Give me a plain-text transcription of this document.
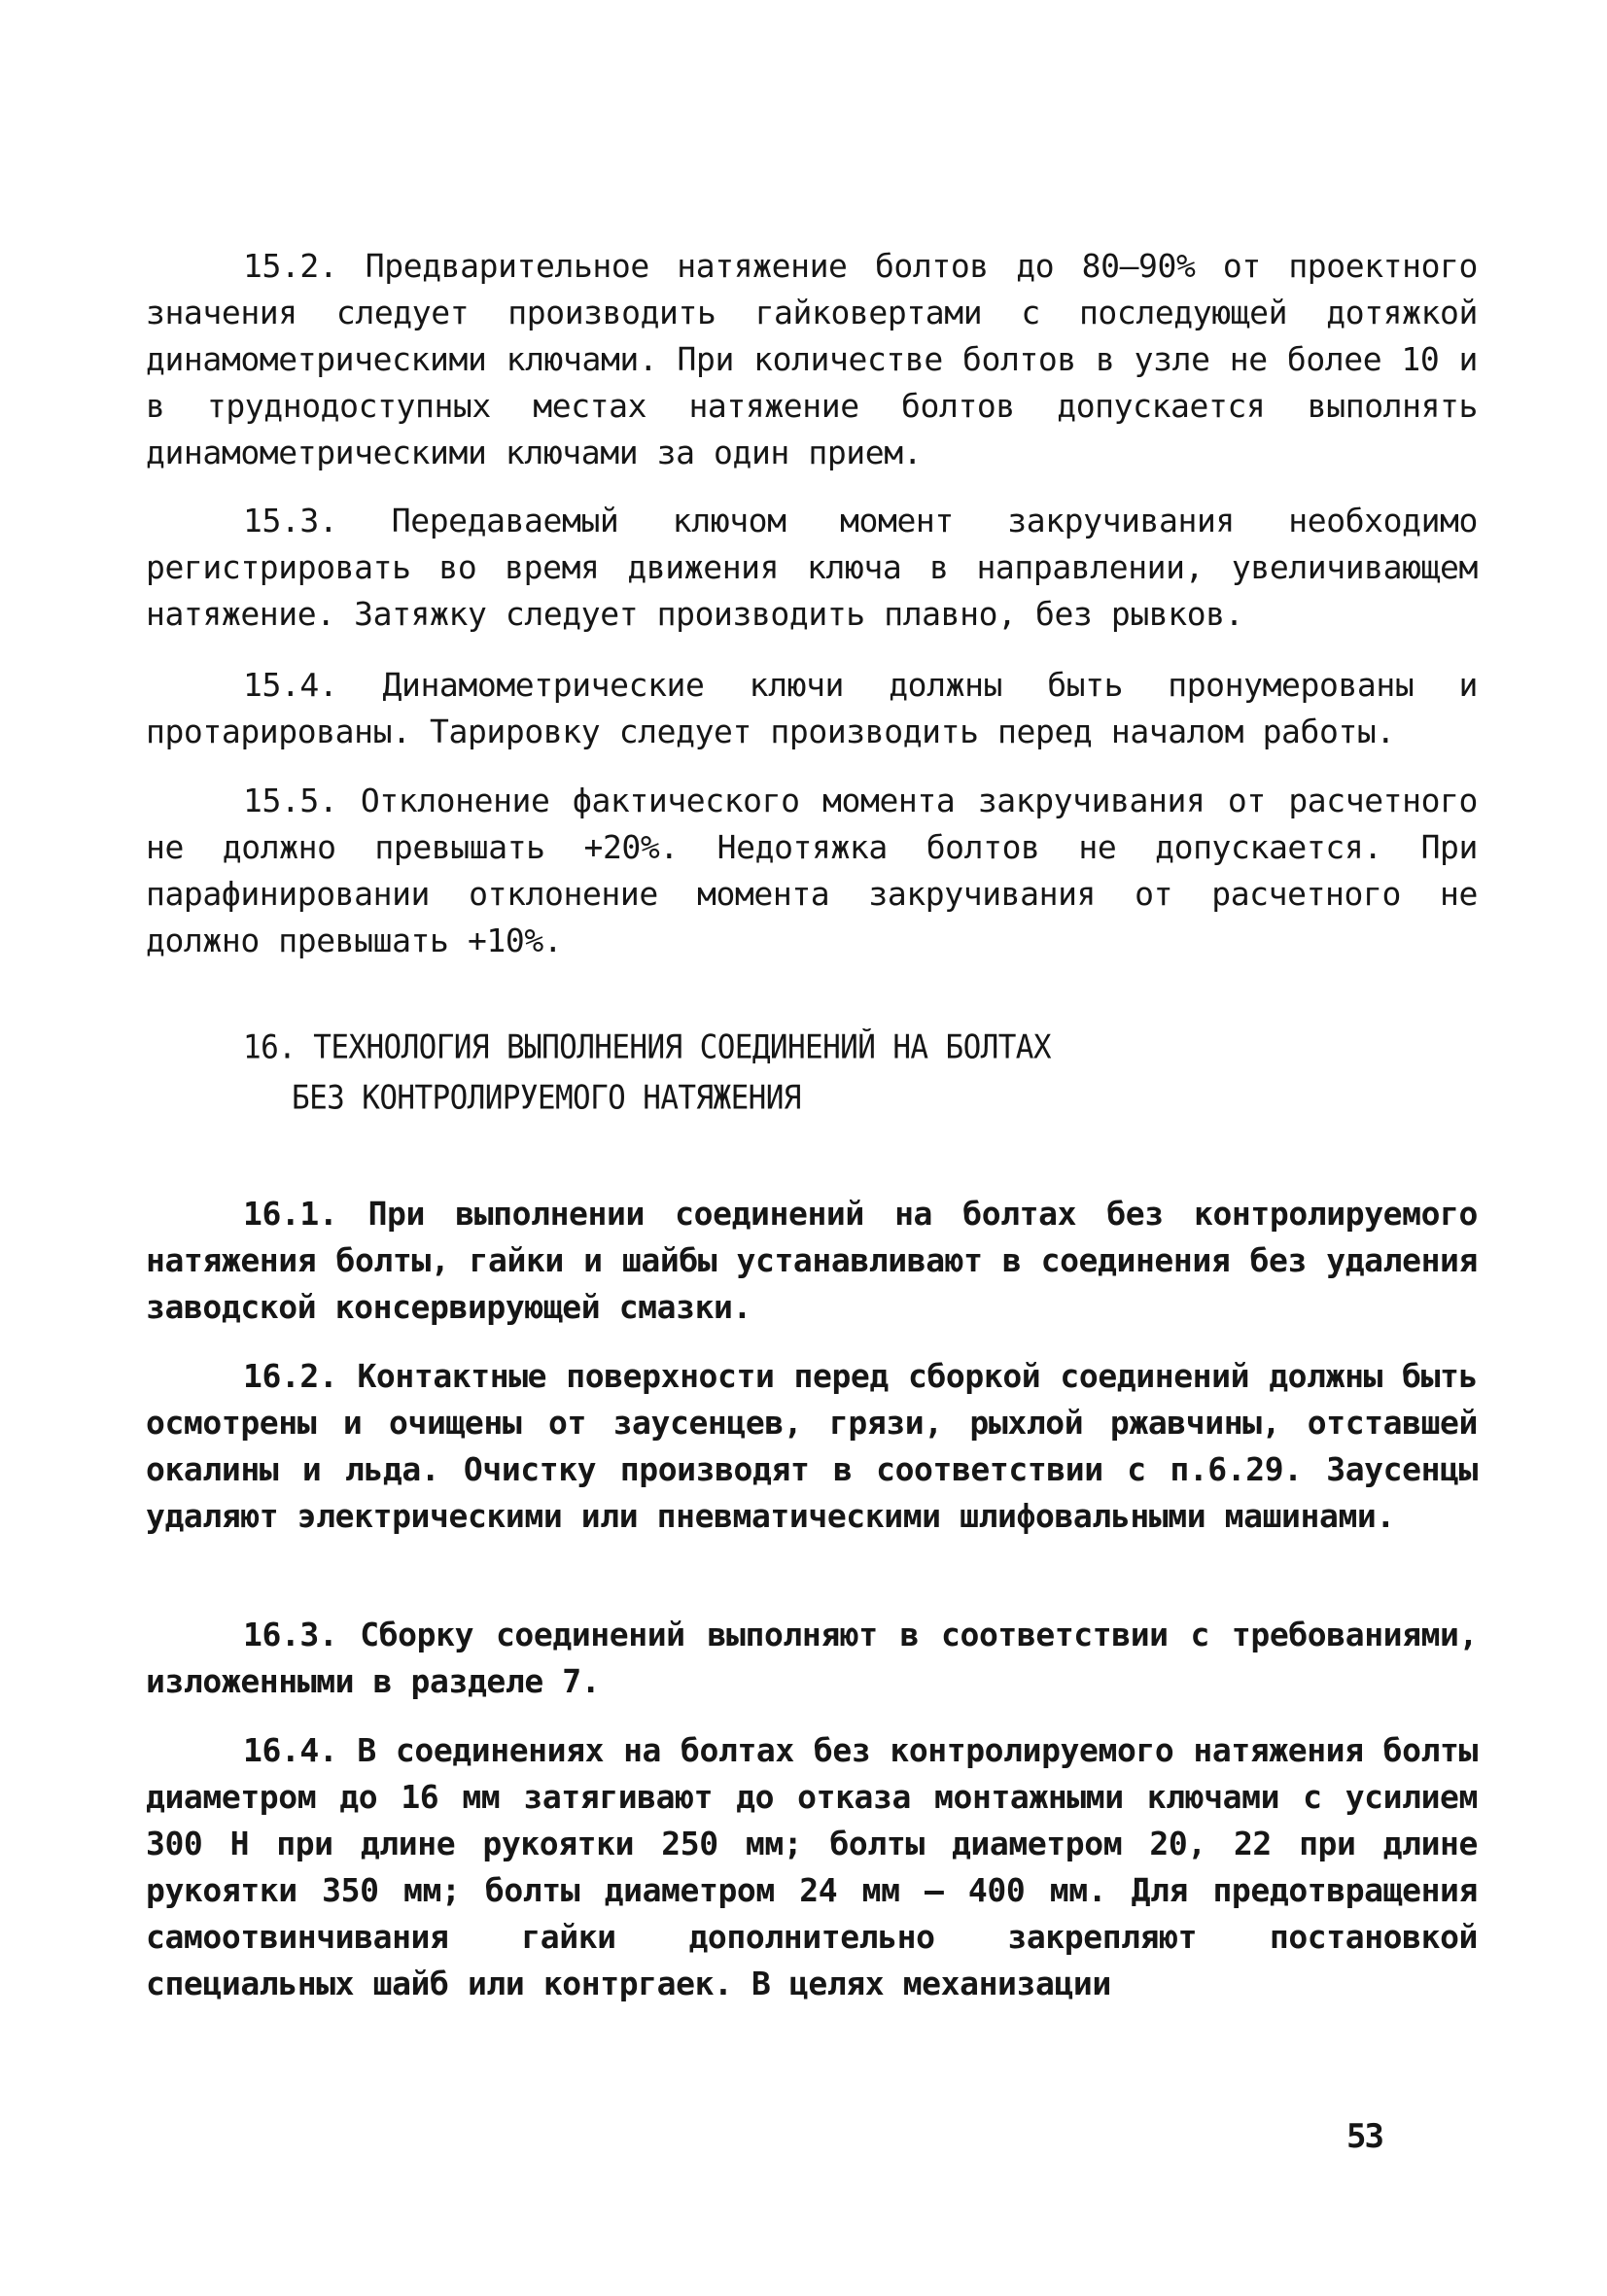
15.2. Предварительное натяжение болтов до 80–90% от проектного значения следует производить гайковертами с последующей дотяжкой динамометрическими ключами. При количестве болтов в узле не более 10 и в труднодоступных местах натяжение болтов допускается выполнять динамометрическими ключами за один прием.

15.3. Передаваемый ключом момент закручивания необходимо регистрировать во время движения ключа в направлении, увеличивающем натяжение. Затяжку следует производить плавно, без рывков.

15.4. Динамометрические ключи должны быть пронумерованы и протарированы. Тарировку следует производить перед началом работы.

15.5. Отклонение фактического момента закручивания от расчетного не должно превышать +20%. Недотяжка болтов не допускается. При парафинировании отклонение момента закручивания от расчетного не должно превышать +10%.

16. ТЕХНОЛОГИЯ ВЫПОЛНЕНИЯ СОЕДИНЕНИЙ НА БОЛТАХ
БЕЗ КОНТРОЛИРУЕМОГО НАТЯЖЕНИЯ

16.1. При выполнении соединений на болтах без контролируемого натяжения болты, гайки и шайбы устанавливают в соединения без удаления заводской консервирующей смазки.

16.2. Контактные поверхности перед сборкой соединений должны быть осмотрены и очищены от заусенцев, грязи, рыхлой ржавчины, отставшей окалины и льда. Очистку производят в соответствии с п.6.29. Заусенцы удаляют электрическими или пневматическими шлифовальными машинами.

16.3. Сборку соединений выполняют в соответствии с требованиями, изложенными в разделе 7.

16.4. В соединениях на болтах без контролируемого натяжения болты диаметром до 16 мм затягивают до отказа монтажными ключами с усилием 300 Н при длине рукоятки 250 мм; болты диаметром 20, 22 при длине рукоятки 350 мм; болты диаметром 24 мм – 400 мм. Для предотвращения самоотвинчивания гайки дополнительно закрепляют постановкой специальных шайб или контргаек. В целях механизации

53
